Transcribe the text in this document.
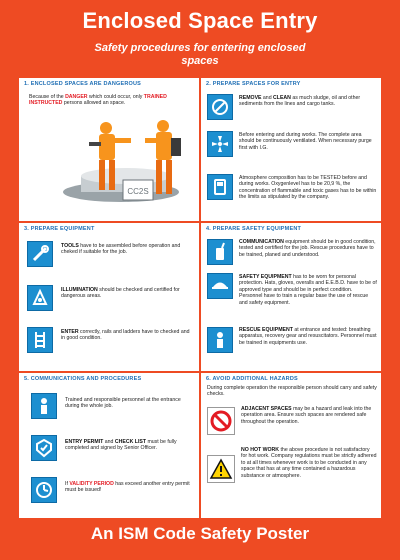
Enclosed Space Entry
Safety procedures for entering enclosed spaces
1. ENCLOSED SPACES ARE DANGEROUS
Because of the DANGER which could occur, only TRAINED INSTRUCTED persons allowed an space.
CC2S
2. PREPARE SPACES FOR ENTRY
REMOVE and CLEAN as much sludge, oil and other sediments from the lines and cargo tanks.
Before entering and during works. The complete area should be continuously ventilated. When necessary purge first with I.G.
Atmosphere composition has to be TESTED before and during works. Oxygenlevel has to be 20,9 %, the concentration of flammable and toxic gases has to be within the limits as stipulated by the company.
3. PREPARE EQUIPMENT
TOOLS have to be assembled before operation and cheked if suitable for the job.
ILLUMINATION should be checked and certified for dangerous areas.
ENTER correctly, rails and ladders have to checked and in good condition.
4. PREPARE SAFETY EQUIPMENT
COMMUNICATION equipment should be in good condition, tested and certified for the job. Rescue procedures have to be trained, planed and understood.
SAFETY EQUIPMENT has to be worn for personal protection. Hats, gloves, overalls and E.E.B.D. have to be of approved type and should be in perfect condition. Personnel have to train a regular base the use of rescue and safety equipment.
RESCUE EQUIPMENT at entrance and tested: breathing apparatus, recovery gear and resuscitators. Personnel must be trained in equipments use.
5. COMMUNICATIONS AND PROCEDURES
Trained and responsible personnel at the entrance during the whole job.
ENTRY PERMIT and CHECK LIST must be fully completed and signed by Senior Officer.
If VALIDITY PERIOD has exceed another entry permit must be issued!
6. AVOID ADDITIONAL HAZARDS
During complete operation the responsible person should carry and safety checks.
ADJACENT SPACES may be a hazard and leak into the operation area. Ensure such spaces are rendered safe throughout the operation.
NO HOT WORK the above procedure is not satisfactory for hot work. Company regulations must be strictly adhered to at all times whenever work is to be conducted in any space that has at any time contained a hazardous substance or atmosphere.
An ISM Code Safety Poster
